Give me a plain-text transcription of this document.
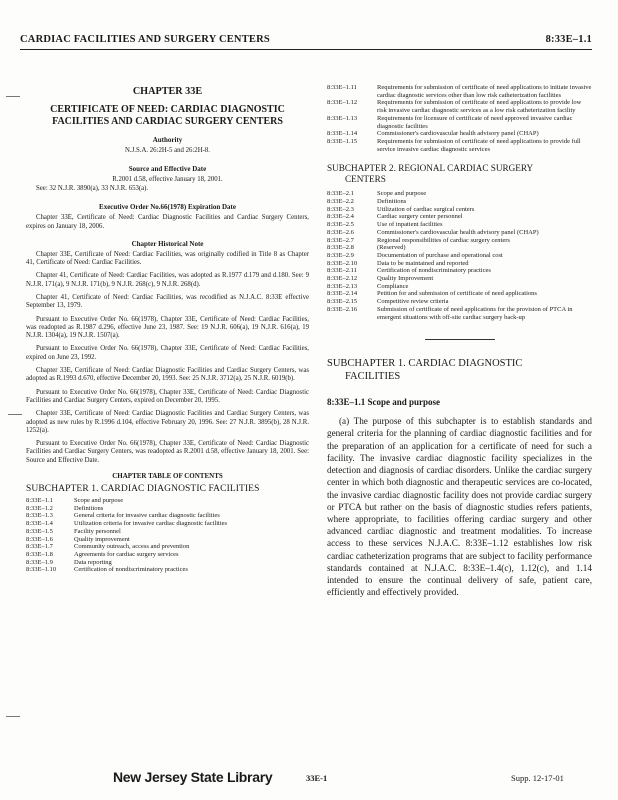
CARDIAC FACILITIES AND SURGERY CENTERS	8:33E–1.1
CHAPTER 33E
CERTIFICATE OF NEED: CARDIAC DIAGNOSTIC FACILITIES AND CARDIAC SURGERY CENTERS
Authority

N.J.S.A. 26:2H-5 and 26:2H-8.

Source and Effective Date

R.2001 d.58, effective January 18, 2001.

See: 32 N.J.R. 3890(a), 33 N.J.R. 653(a).

Executive Order No.66(1978) Expiration Date

Chapter 33E, Certificate of Need: Cardiac Diagnostic Facilities and Cardiac Surgery Centers, expires on January 18, 2006.

Chapter Historical Note

Chapter 33E, Certificate of Need: Cardiac Facilities, was originally codified in Title 8 as Chapter 41, Certificate of Need: Cardiac Facilities.

Chapter 41, Certificate of Need: Cardiac Facilities, was adopted as R.1977 d.179 and d.180. See: 9 N.J.R. 171(a), 9 N.J.R. 171(b), 9 N.J.R. 268(c), 9 N.J.R. 268(d).

Chapter 41, Certificate of Need: Cardiac Facilities, was recodified as N.J.A.C. 8:33E effective September 13, 1979.

Pursuant to Executive Order No. 66(1978), Chapter 33E, Certificate of Need: Cardiac Facilities, was readopted as R.1987 d.296, effective June 23, 1987. See: 19 N.J.R. 606(a), 19 N.J.R. 616(a), 19 N.J.R. 1304(a), 19 N.J.R. 1507(a).

Pursuant to Executive Order No. 66(1978), Chapter 33E, Certificate of Need: Cardiac Facilities, expired on June 23, 1992.

Chapter 33E, Certificate of Need: Cardiac Diagnostic Facilities and Cardiac Surgery Centers, was adopted as R.1993 d.670, effective December 20, 1993. See: 25 N.J.R. 3712(a), 25 N.J.R. 6019(b).

Pursuant to Executive Order No. 66(1978), Chapter 33E, Certificate of Need: Cardiac Diagnostic Facilities and Cardiac Surgery Centers, expired on December 20, 1995.

Chapter 33E, Certificate of Need: Cardiac Diagnostic Facilities and Cardiac Surgery Centers, was adopted as new rules by R.1996 d.104, effective February 20, 1996. See: 27 N.J.R. 3895(b), 28 N.J.R. 1252(a).

Pursuant to Executive Order No. 66(1978), Chapter 33E, Certificate of Need: Cardiac Diagnostic Facilities and Cardiac Surgery Centers, was readopted as R.2001 d.58, effective January 18, 2001. See: Source and Effective Date.

CHAPTER TABLE OF CONTENTS
SUBCHAPTER 1. CARDIAC DIAGNOSTIC FACILITIES
8:33E–1.1	Scope and purpose
8:33E–1.2	Definitions
8:33E–1.3	General criteria for invasive cardiac diagnostic facilities
8:33E–1.4	Utilization criteria for invasive cardiac diagnostic facilities
8:33E–1.5	Facility personnel
8:33E–1.6	Quality improvement
8:33E–1.7	Community outreach, access and prevention
8:33E–1.8	Agreements for cardiac surgery services
8:33E–1.9	Data reporting
8:33E–1.10	Certification of nondiscriminatory practices
8:33E–1.11	Requirements for submission of certificate of need applications to initiate invasive cardiac diagnostic services other than low risk catheterization facilities
8:33E–1.12	Requirements for submission of certificate of need applications to provide low risk invasive cardiac diagnostic services as a low risk catheterization facility
8:33E–1.13	Requirements for licensure of certificate of need approved invasive cardiac diagnostic facilities
8:33E–1.14	Commissioner's cardiovascular health advisory panel (CHAP)
8:33E–1.15	Requirements for submission of certificate of need applications to provide full service invasive cardiac diagnostic services
SUBCHAPTER 2. REGIONAL CARDIAC SURGERY
CENTERS
8:33E–2.1	Scope and purpose
8:33E–2.2	Definitions
8:33E–2.3	Utilization of cardiac surgical centers
8:33E–2.4	Cardiac surgery center personnel
8:33E–2.5	Use of inpatient facilities
8:33E–2.6	Commissioner's cardiovascular health advisory panel (CHAP)
8:33E–2.7	Regional responsibilities of cardiac surgery centers
8:33E–2.8	(Reserved)
8:33E–2.9	Documentation of purchase and operational cost
8:33E–2.10	Data to be maintained and reported
8:33E–2.11	Certification of nondiscriminatory practices
8:33E–2.12	Quality Improvement
8:33E–2.13	Compliance
8:33E–2.14	Petition for and submission of certificate of need applications
8:33E–2.15	Competitive review criteria
8:33E–2.16	Submission of certificate of need applications for the provision of PTCA in emergent situations with off-site cardiac surgery back-up
SUBCHAPTER 1. CARDIAC DIAGNOSTIC
FACILITIES
8:33E–1.1 Scope and purpose

(a) The purpose of this subchapter is to establish standards and general criteria for the planning of cardiac diagnostic facilities and for the preparation of an application for a certificate of need for such a facility. The invasive cardiac diagnostic facility specializes in the detection and diagnosis of cardiac disorders. Unlike the cardiac surgery center in which both diagnostic and therapeutic services are co-located, the invasive cardiac diagnostic facility does not provide cardiac surgery or PTCA but rather on the basis of diagnostic studies refers patients, where appropriate, to facilities offering cardiac surgery and other advanced cardiac diagnostic and treatment modalities. To increase access to these services N.J.A.C. 8:33E–1.12 establishes low risk cardiac catheterization programs that are subject to facility performance standards contained at N.J.A.C. 8:33E–1.4(c), 1.12(c), and 1.14 intended to ensure the continual delivery of safe, patient care, efficiently and effectively provided.

New Jersey State Library	33E-1	Supp. 12-17-01
